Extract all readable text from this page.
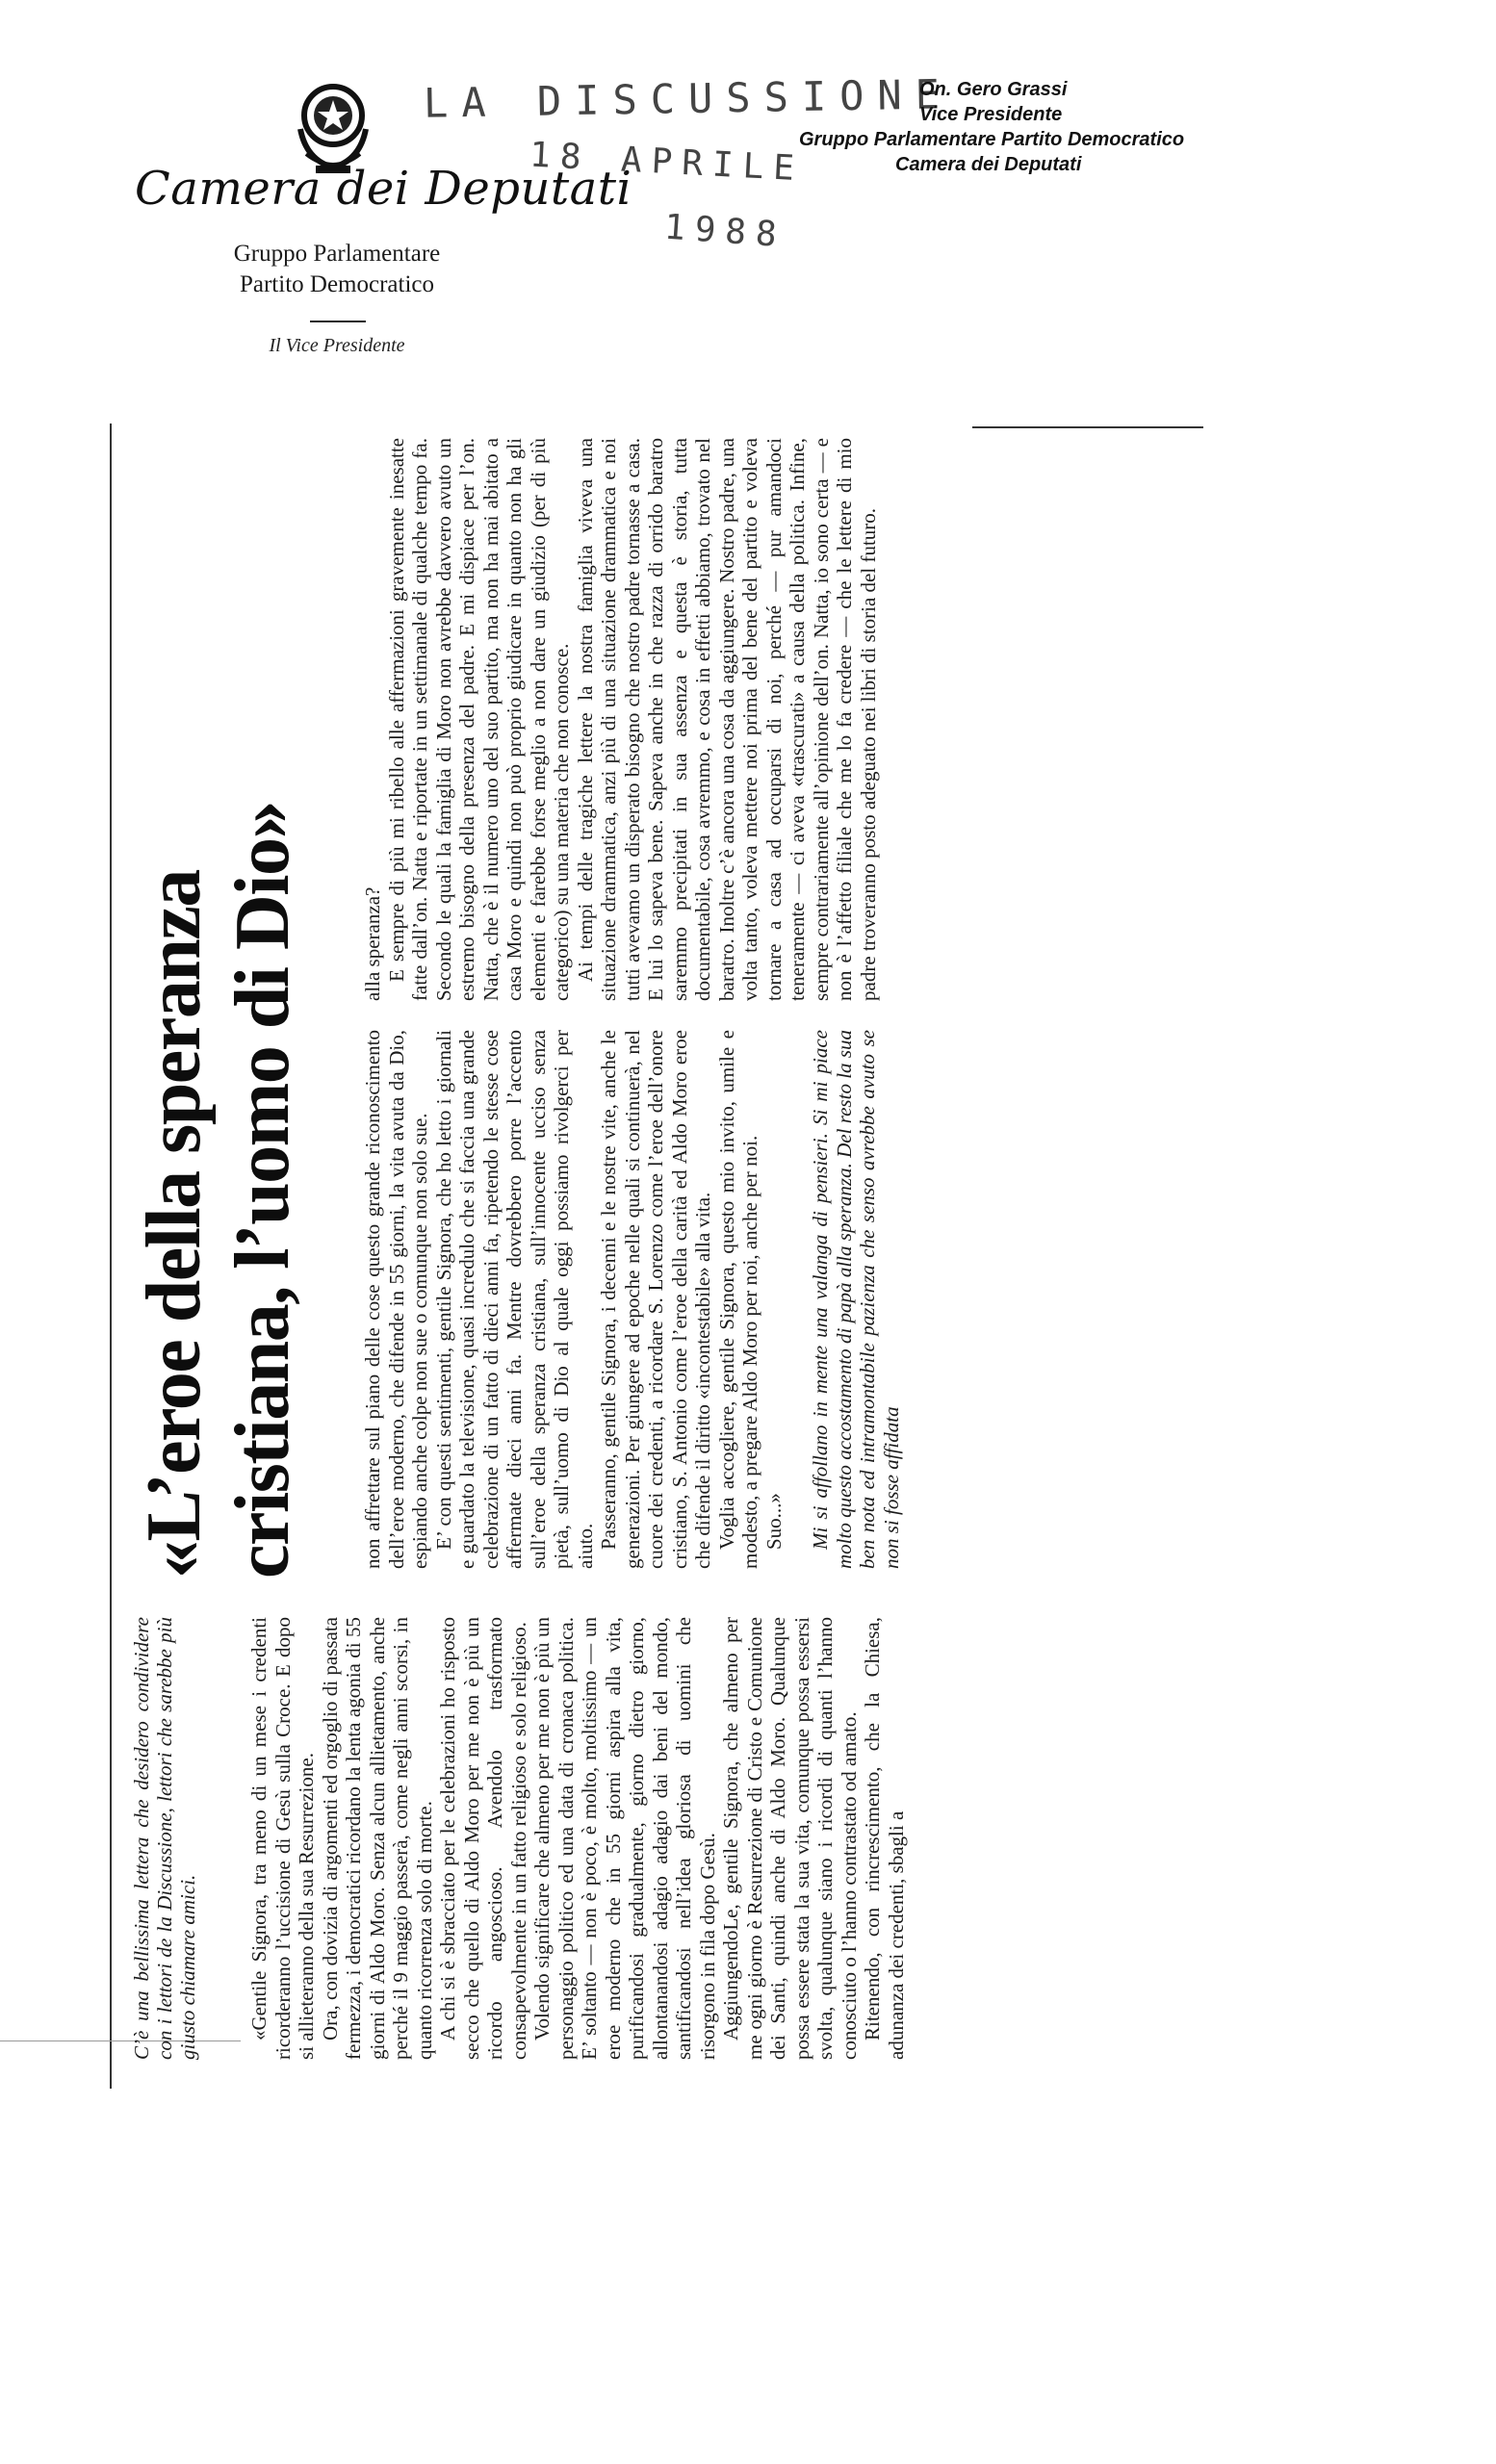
Camera dei Deputati
Gruppo Parlamentare
Partito Democratico
Il Vice Presidente
LA DISCUSSIONE
18 APRILE
1988
On. Gero Grassi
Vice Presidente
Gruppo Parlamentare Partito Democratico
Camera dei Deputati

C’è una bellissima lettera che desidero condividere con i lettori de la Discussione, lettori che sarebbe più giusto chiamare amici. «Gentile Signora, tra meno di un mese i credenti ricorderanno l’uccisione di Gesù sulla Croce. E dopo si allieteranno della sua Resurrezione. Ora, con dovizia di argomenti ed orgoglio di passata fermezza, i democratici ricordano la lenta agonia di 55 giorni di Aldo Moro. Senza alcun allietamento, anche perché il 9 maggio passerà, come negli anni scorsi, in quanto ricorrenza solo di morte. A chi si è sbracciato per le celebrazioni ho risposto secco che quello di Aldo Moro per me non è più un ricordo angoscioso. Avendolo trasformato consapevolmente in un fatto religioso e solo religioso. Volendo significare che almeno per me non è più un personaggio politico ed una data di cronaca politica. E’ soltanto — non è poco, è molto, moltissimo — un eroe moderno che in 55 giorni aspira alla vita, purificandosi gradualmente, giorno dietro giorno, allontanandosi adagio adagio dai beni del mondo, santificandosi nell’idea gloriosa di uomini che risorgono in fila dopo Gesù. AggiungendoLe, gentile Signora, che almeno per me ogni giorno è Resurrezione di Cristo e Comunione dei Santi, quindi anche di Aldo Moro. Qualunque possa essere stata la sua vita, comunque possa essersi svolta, qualunque siano i ricordi di quanti l’hanno conosciuto o l’hanno contrastato od amato. Ritenendo, con rincrescimento, che la Chiesa, adunanza dei credenti, sbagli a

«L’eroe della speranza cristiana, l’uomo di Dio»	non affrettare sul piano delle cose questo grande riconoscimento dell’eroe moderno, che difende in 55 giorni, la vita avuta da Dio, espiando anche colpe non sue o comunque non solo sue. E’ con questi sentimenti, gentile Signora, che ho letto i giornali e guardato la televisione, quasi incredulo che si faccia una grande celebrazione di un fatto di dieci anni fa, ripetendo le stesse cose affermate dieci anni fa. Mentre dovrebbero porre l’accento sull’eroe della speranza cristiana, sull’innocente ucciso senza pietà, sull’uomo di Dio al quale oggi possiamo rivolgerci per aiuto. Passeranno, gentile Signora, i decenni e le nostre vite, anche le generazioni. Per giungere ad epoche nelle quali si continuerà, nel cuore dei credenti, a ricordare S. Lorenzo come l’eroe dell’onore cristiano, S. Antonio come l’eroe della carità ed Aldo Moro eroe che difende il diritto «incontestabile» alla vita. Voglia accogliere, gentile Signora, questo mio invito, umile e modesto, a pregare Aldo Moro per noi, anche per noi. Suo...» Mi si affollano in mente una valanga di pensieri. Si mi piace molto questo accostamento di papà alla speranza. Del resto la sua ben nota ed intramontabile pazienza che senso avrebbe avuto se non si fosse affidata

alla speranza? E sempre di più mi ribello alle affermazioni gravemente inesatte fatte dall’on. Natta e riportate in un settimanale di qualche tempo fa. Secondo le quali la famiglia di Moro non avrebbe davvero avuto un estremo bisogno della presenza del padre. E mi dispiace per l’on. Natta, che è il numero uno del suo partito, ma non ha mai abitato a casa Moro e quindi non può proprio giudicare in quanto non ha gli elementi e farebbe forse meglio a non dare un giudizio (per di più categorico) su una materia che non conosce. Ai tempi delle tragiche lettere la nostra famiglia viveva una situazione drammatica, anzi più di una situazione drammatica e noi tutti avevamo un disperato bisogno che nostro padre tornasse a casa. E lui lo sapeva bene. Sapeva anche in che razza di orrido baratro saremmo precipitati in sua assenza e questa è storia, tutta documentabile, cosa avremmo, e cosa in effetti abbiamo, trovato nel baratro. Inoltre c’è ancora una cosa da aggiungere. Nostro padre, una volta tanto, voleva mettere noi prima del bene del partito e voleva tornare a casa ad occuparsi di noi, perché — pur amandoci teneramente — ci aveva «trascurati» a causa della politica. Infine, sempre contrariamente all’opinione dell’on. Natta, io sono certa — e non è l’affetto filiale che me lo fa credere — che le lettere di mio padre troveranno posto adeguato nei libri di storia del futuro.
